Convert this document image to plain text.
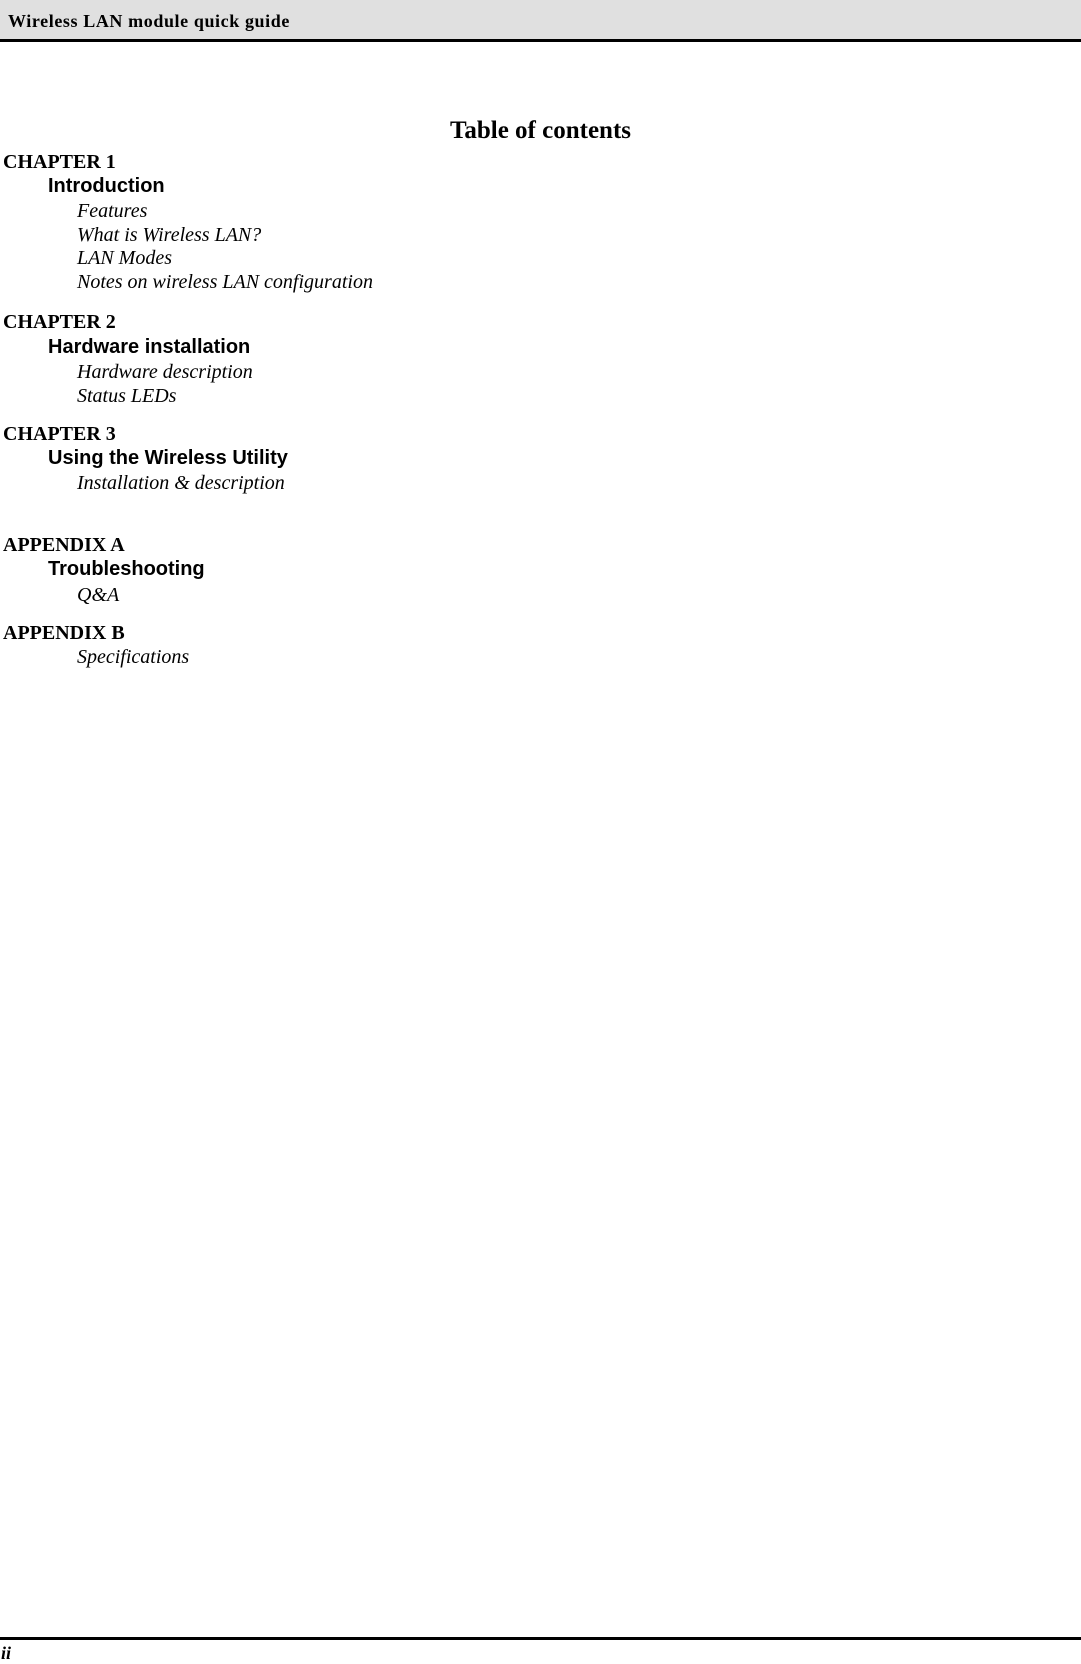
Wireless LAN module quick guide
Table of contents
CHAPTER 1
Introduction
Features
What is Wireless LAN?
LAN Modes
Notes on wireless LAN configuration
CHAPTER 2
Hardware installation
Hardware description
Status LEDs
CHAPTER 3
Using the Wireless Utility
Installation & description
APPENDIX A
Troubleshooting
Q&A
APPENDIX B
Specifications
ii
